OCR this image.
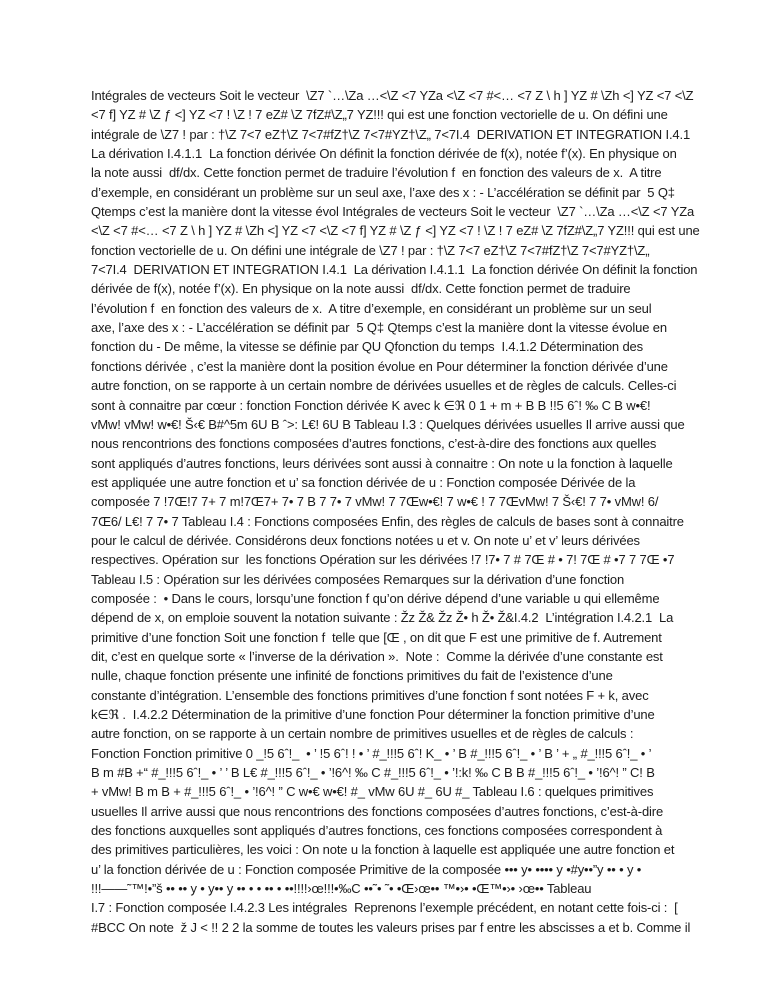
Intégrales de vecteurs Soit le vecteur  \Z7 `…\Za …<\Z <7 YZa <\Z <7 #<… <7 Z \ h ] YZ # \Zh <] YZ <7 <\Z
<7 f] YZ # \Z ƒ <] YZ <7 ! \Z ! 7 eZ# \Z 7fZ#\Z„7 YZ!!! qui est une fonction vectorielle de u. On défini une
intégrale de \Z7 ! par : †\Z 7<7 eZ†\Z 7<7#fZ†\Z 7<7#YZ†\Z„ 7<7I.4  DERIVATION ET INTEGRATION I.4.1
La dérivation I.4.1.1  La fonction dérivée On définit la fonction dérivée de f(x), notée f’(x). En physique on
la note aussi  df/dx. Cette fonction permet de traduire l’évolution f  en fonction des valeurs de x.  A titre
d’exemple, en considérant un problème sur un seul axe, l’axe des x : - L’accélération se définit par  5 Q‡
Qtemps c’est la manière dont la vitesse évol Intégrales de vecteurs Soit le vecteur  \Z7 `…\Za …<\Z <7 YZa
<\Z <7 #<… <7 Z \ h ] YZ # \Zh <] YZ <7 <\Z <7 f] YZ # \Z ƒ <] YZ <7 ! \Z ! 7 eZ# \Z 7fZ#\Z„7 YZ!!! qui est une
fonction vectorielle de u. On défini une intégrale de \Z7 ! par : †\Z 7<7 eZ†\Z 7<7#fZ†\Z 7<7#YZ†\Z„
7<7I.4  DERIVATION ET INTEGRATION I.4.1  La dérivation I.4.1.1  La fonction dérivée On définit la fonction
dérivée de f(x), notée f’(x). En physique on la note aussi  df/dx. Cette fonction permet de traduire
l’évolution f  en fonction des valeurs de x.  A titre d’exemple, en considérant un problème sur un seul
axe, l’axe des x : - L’accélération se définit par  5 Q‡ Qtemps c’est la manière dont la vitesse évolue en
fonction du - De même, la vitesse se définie par QU Qfonction du temps  I.4.1.2 Détermination des
fonctions dérivée , c’est la manière dont la position évolue en Pour déterminer la fonction dérivée d’une
autre fonction, on se rapporte à un certain nombre de dérivées usuelles et de règles de calculs. Celles-ci
sont à connaitre par cœur : fonction Fonction dérivée K avec k ∈ℜ 0 1 + m + B B !!5 6ˆ! ‰ C B w•€!
vMw! vMw! w•€! Š‹€ B#^5m 6U B ˆ>: L€! 6U B Tableau I.3 : Quelques dérivées usuelles Il arrive aussi que
nous rencontrions des fonctions composées d’autres fonctions, c’est-à-dire des fonctions aux quelles
sont appliqués d’autres fonctions, leurs dérivées sont aussi à connaitre : On note u la fonction à laquelle
est appliquée une autre fonction et u’ sa fonction dérivée de u : Fonction composée Dérivée de la
composée 7 !7Œ!7 7+ 7 m!7Œ7+ 7• 7 B 7 7• 7 vMw! 7 7Œw•€! 7 w•€ ! 7 7ŒvMw! 7 Š‹€! 7 7• vMw! 6/
7Œ6/ L€! 7 7• 7 Tableau I.4 : Fonctions composées Enfin, des règles de calculs de bases sont à connaitre
pour le calcul de dérivée. Considérons deux fonctions notées u et v. On note u’ et v’ leurs dérivées
respectives. Opération sur  les fonctions Opération sur les dérivées !7 !7• 7 # 7Œ # • 7! 7Œ # •7 7 7Œ •7
Tableau I.5 : Opération sur les dérivées composées Remarques sur la dérivation d’une fonction
composée :  • Dans le cours, lorsqu’une fonction f qu’on dérive dépend d’une variable u qui ellemême
dépend de x, on emploie souvent la notation suivante : Žz Ž& Žz Ž• h Ž• Ž&I.4.2  L’intégration I.4.2.1  La
primitive d’une fonction Soit une fonction f  telle que [Œ , on dit que F est une primitive de f. Autrement
dit, c’est en quelque sorte « l’inverse de la dérivation ».  Note :  Comme la dérivée d’une constante est
nulle, chaque fonction présente une infinité de fonctions primitives du fait de l’existence d’une
constante d’intégration. L’ensemble des fonctions primitives d’une fonction f sont notées F + k, avec
k∈ℜ .  I.4.2.2 Détermination de la primitive d’une fonction Pour déterminer la fonction primitive d’une
autre fonction, on se rapporte à un certain nombre de primitives usuelles et de règles de calculs :
Fonction Fonction primitive 0 _!5 6ˆ!_  • ’ !5 6ˆ! ! • ’ #_!!!5 6ˆ! K_ • ’ B #_!!!5 6ˆ!_ • ’ B ’ + „ #_!!!5 6ˆ!_ • ’
B m #B +“ #_!!!5 6ˆ!_ • ’ ’ B L€ #_!!!5 6ˆ!_ • ’!6^! ‰ C #_!!!5 6ˆ!_ • ’!:k! ‰ C B B #_!!!5 6ˆ!_ • ’!6^! ” C! B
+ vMw! B m B + #_!!!5 6ˆ!_ • ’!6^! ” C w•€ w•€! #_ vMw 6U #_ 6U #_ Tableau I.6 : quelques primitives
usuelles Il arrive aussi que nous rencontrions des fonctions composées d’autres fonctions, c’est-à-dire
des fonctions auxquelles sont appliqués d’autres fonctions, ces fonctions composées correspondent à
des primitives particulières, les voici : On note u la fonction à laquelle est appliquée une autre fonction et
u’ la fonction dérivée de u : Fonction composée Primitive de la composée ••• y• •••• y •#y••”y •• • y •
!!!——˜™!•”š •• •• y • y•• y •• • • •• • ••!!!!›œ!!!•‰C ••˜• ˜• •Œ›œ•• ™•›• •Œ™•›• ›œ•• Tableau
I.7 : Fonction composée I.4.2.3 Les intégrales  Reprenons l’exemple précédent, en notant cette fois-ci :  [
#BCC On note  ž J < !! 2 2 la somme de toutes les valeurs prises par f entre les abscisses a et b. Comme il
